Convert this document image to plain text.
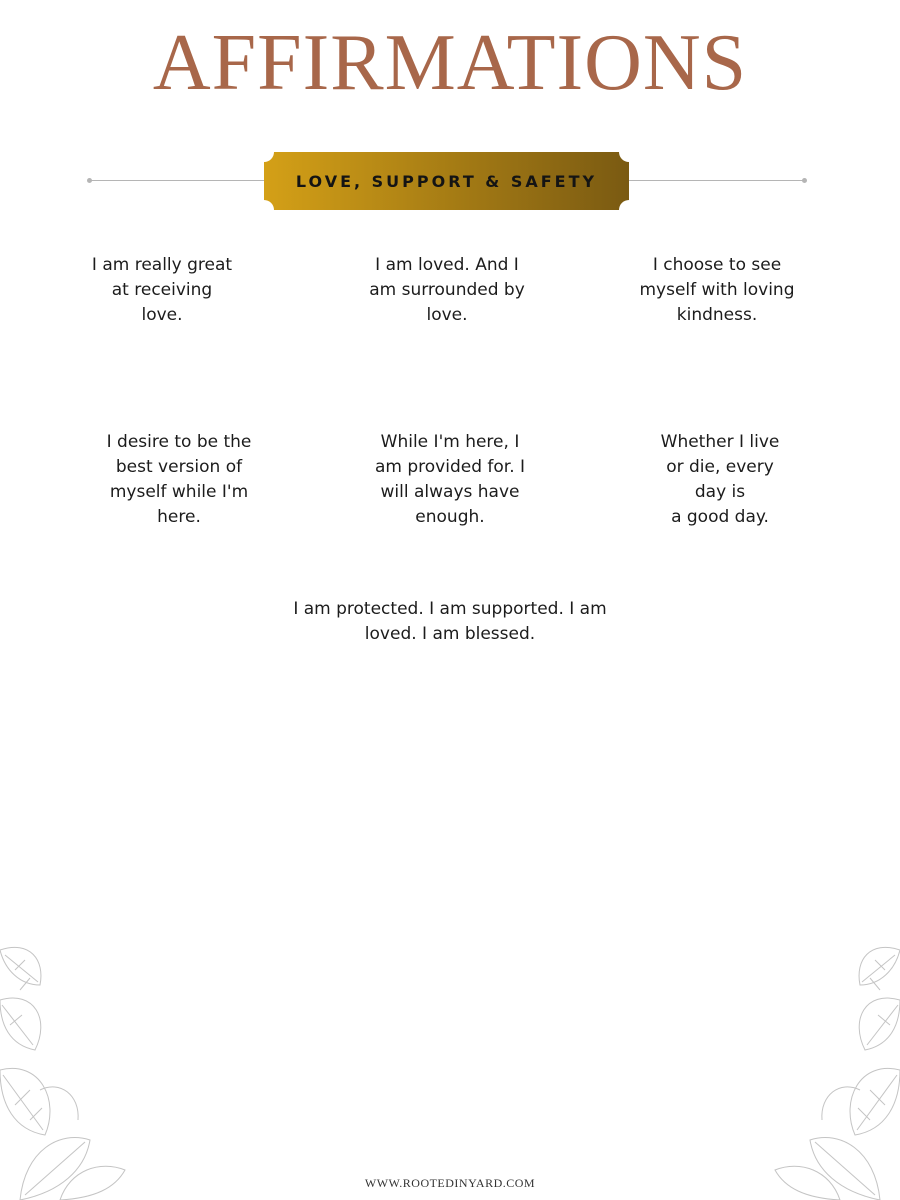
AFFIRMATIONS
LOVE, SUPPORT & SAFETY
I am really great
at receiving
love.
I am loved. And I
am surrounded by
love.
I choose to see
myself with loving
kindness.
I desire to be the
best version of
myself while I'm
here.
While I'm here, I
am provided for. I
will always have
enough.
Whether I live
or die, every
day is
a good day.
I am protected. I am supported. I am
loved. I am blessed.
WWW.ROOTEDINYARD.COM
